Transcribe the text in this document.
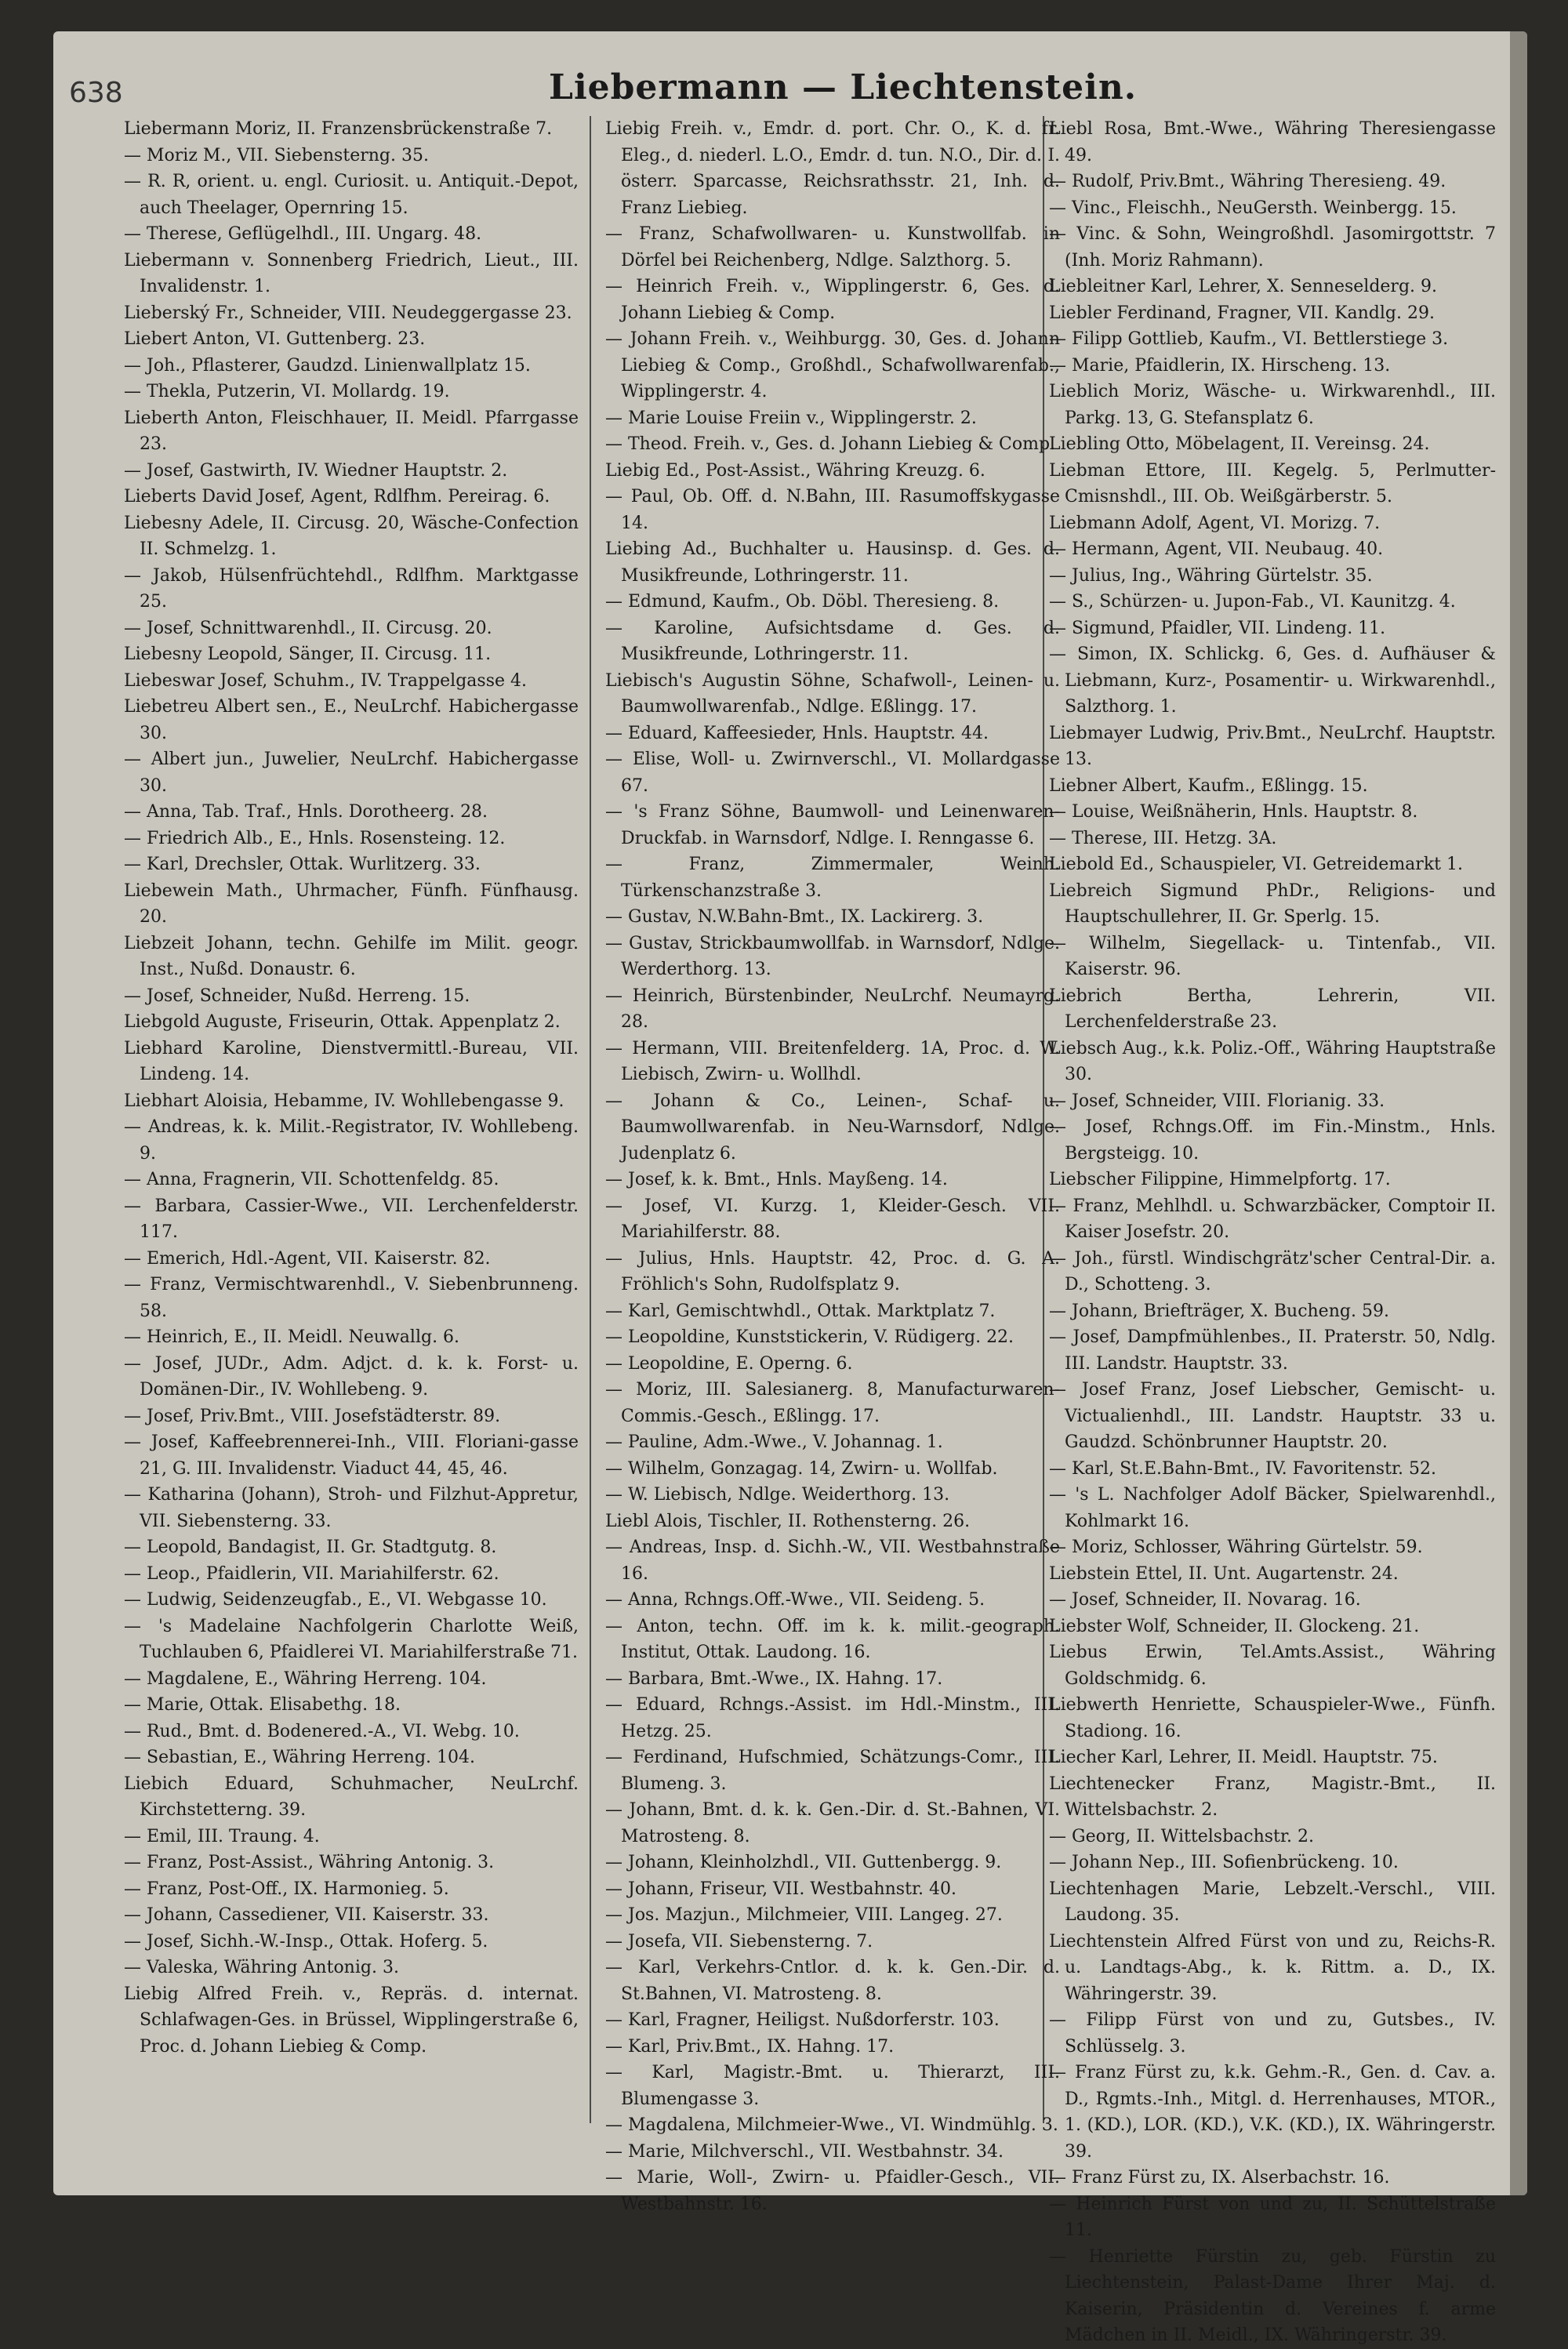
638	Liebermann — Liechtenstein.

Liebermann Moriz, II. Franzensbrückenstraße 7.

— Moriz M., VII. Siebensterng. 35.

— R. R, orient. u. engl. Curiosit. u. Antiquit.-Depot, auch Theelager, Opernring 15.

— Therese, Geflügelhdl., III. Ungarg. 48.

Liebermann v. Sonnenberg Friedrich, Lieut., III. Invalidenstr. 1.

Lieberský Fr., Schneider, VIII. Neudeggergasse 23.

Liebert Anton, VI. Guttenberg. 23.

— Joh., Pflasterer, Gaudzd. Linienwallplatz 15.

— Thekla, Putzerin, VI. Mollardg. 19.

Lieberth Anton, Fleischhauer, II. Meidl. Pfarrgasse 23.

— Josef, Gastwirth, IV. Wiedner Hauptstr. 2.

Lieberts David Josef, Agent, Rdlfhm. Pereirag. 6.

Liebesny Adele, II. Circusg. 20, Wäsche-Confection II. Schmelzg. 1.

— Jakob, Hülsenfrüchtehdl., Rdlfhm. Marktgasse 25.

— Josef, Schnittwarenhdl., II. Circusg. 20.

Liebesny Leopold, Sänger, II. Circusg. 11.

Liebeswar Josef, Schuhm., IV. Trappelgasse 4.

Liebetreu Albert sen., E., NeuLrchf. Habichergasse 30.

— Albert jun., Juwelier, NeuLrchf. Habichergasse 30.

— Anna, Tab. Traf., Hnls. Dorotheerg. 28.

— Friedrich Alb., E., Hnls. Rosensteing. 12.

— Karl, Drechsler, Ottak. Wurlitzerg. 33.

Liebewein Math., Uhrmacher, Fünfh. Fünfhausg. 20.

Liebzeit Johann, techn. Gehilfe im Milit. geogr. Inst., Nußd. Donaustr. 6.

— Josef, Schneider, Nußd. Herreng. 15.

Liebgold Auguste, Friseurin, Ottak. Appenplatz 2.

Liebhard Karoline, Dienstvermittl.-Bureau, VII. Lindeng. 14.

Liebhart Aloisia, Hebamme, IV. Wohllebengasse 9.

— Andreas, k. k. Milit.-Registrator, IV. Wohllebeng. 9.

— Anna, Fragnerin, VII. Schottenfeldg. 85.

— Barbara, Cassier-Wwe., VII. Lerchenfelderstr. 117.

— Emerich, Hdl.-Agent, VII. Kaiserstr. 82.

— Franz, Vermischtwarenhdl., V. Siebenbrunneng. 58.

— Heinrich, E., II. Meidl. Neuwallg. 6.

— Josef, JUDr., Adm. Adjct. d. k. k. Forst- u. Domänen-Dir., IV. Wohllebeng. 9.

— Josef, Priv.Bmt., VIII. Josefstädterstr. 89.

— Josef, Kaffeebrennerei-Inh., VIII. Floriani-gasse 21, G. III. Invalidenstr. Viaduct 44, 45, 46.

— Katharina (Johann), Stroh- und Filzhut-Appretur, VII. Siebensterng. 33.

— Leopold, Bandagist, II. Gr. Stadtgutg. 8.

— Leop., Pfaidlerin, VII. Mariahilferstr. 62.

— Ludwig, Seidenzeugfab., E., VI. Webgasse 10.

— 's Madelaine Nachfolgerin Charlotte Weiß, Tuchlauben 6, Pfaidlerei VI. Mariahilferstraße 71.

— Magdalene, E., Währing Herreng. 104.

— Marie, Ottak. Elisabethg. 18.

— Rud., Bmt. d. Bodenered.-A., VI. Webg. 10.

— Sebastian, E., Währing Herreng. 104.

Liebich Eduard, Schuhmacher, NeuLrchf. Kirchstetterng. 39.

— Emil, III. Traung. 4.

— Franz, Post-Assist., Währing Antonig. 3.

— Franz, Post-Off., IX. Harmonieg. 5.

— Johann, Cassediener, VII. Kaiserstr. 33.

— Josef, Sichh.-W.-Insp., Ottak. Hoferg. 5.

— Valeska, Währing Antonig. 3.

Liebig Alfred Freih. v., Repräs. d. internat. Schlafwagen-Ges. in Brüssel, Wipplingerstraße 6, Proc. d. Johann Liebieg & Comp.

Liebig Freih. v., Emdr. d. port. Chr. O., K. d. fr. Eleg., d. niederl. L.O., Emdr. d. tun. N.O., Dir. d. I. österr. Sparcasse, Reichsrathsstr. 21, Inh. d. Franz Liebieg.

— Franz, Schafwollwaren- u. Kunstwollfab. in Dörfel bei Reichenberg, Ndlge. Salzthorg. 5.

— Heinrich Freih. v., Wipplingerstr. 6, Ges. d. Johann Liebieg & Comp.

— Johann Freih. v., Weihburgg. 30, Ges. d. Johann Liebieg & Comp., Großhdl., Schafwollwarenfab., Wipplingerstr. 4.

— Marie Louise Freiin v., Wipplingerstr. 2.

— Theod. Freih. v., Ges. d. Johann Liebieg & Comp.

Liebig Ed., Post-Assist., Währing Kreuzg. 6.

— Paul, Ob. Off. d. N.Bahn, III. Rasumoffskygasse 14.

Liebing Ad., Buchhalter u. Hausinsp. d. Ges. d. Musikfreunde, Lothringerstr. 11.

— Edmund, Kaufm., Ob. Döbl. Theresieng. 8.

— Karoline, Aufsichtsdame d. Ges. d. Musikfreunde, Lothringerstr. 11.

Liebisch's Augustin Söhne, Schafwoll-, Leinen- u. Baumwollwarenfab., Ndlge. Eßlingg. 17.

— Eduard, Kaffeesieder, Hnls. Hauptstr. 44.

— Elise, Woll- u. Zwirnverschl., VI. Mollardgasse 67.

— 's Franz Söhne, Baumwoll- und Leinenwaren-Druckfab. in Warnsdorf, Ndlge. I. Renngasse 6.

— Franz, Zimmermaler, Weinh. Türkenschanzstraße 3.

— Gustav, N.W.Bahn-Bmt., IX. Lackirerg. 3.

— Gustav, Strickbaumwollfab. in Warnsdorf, Ndlge. Werderthorg. 13.

— Heinrich, Bürstenbinder, NeuLrchf. Neumayrg. 28.

— Hermann, VIII. Breitenfelderg. 1A, Proc. d. W. Liebisch, Zwirn- u. Wollhdl.

— Johann & Co., Leinen-, Schaf- u. Baumwollwarenfab. in Neu-Warnsdorf, Ndlge. Judenplatz 6.

— Josef, k. k. Bmt., Hnls. Mayßeng. 14.

— Josef, VI. Kurzg. 1, Kleider-Gesch. VII. Mariahilferstr. 88.

— Julius, Hnls. Hauptstr. 42, Proc. d. G. A. Fröhlich's Sohn, Rudolfsplatz 9.

— Karl, Gemischtwhdl., Ottak. Marktplatz 7.

— Leopoldine, Kunststickerin, V. Rüdigerg. 22.

— Leopoldine, E. Operng. 6.

— Moriz, III. Salesianerg. 8, Manufacturwaren-Commis.-Gesch., Eßlingg. 17.

— Pauline, Adm.-Wwe., V. Johannag. 1.

— Wilhelm, Gonzagag. 14, Zwirn- u. Wollfab.

— W. Liebisch, Ndlge. Weiderthorg. 13.

Liebl Alois, Tischler, II. Rothensterng. 26.

— Andreas, Insp. d. Sichh.-W., VII. Westbahnstraße 16.

— Anna, Rchngs.Off.-Wwe., VII. Seideng. 5.

— Anton, techn. Off. im k. k. milit.-geograph. Institut, Ottak. Laudong. 16.

— Barbara, Bmt.-Wwe., IX. Hahng. 17.

— Eduard, Rchngs.-Assist. im Hdl.-Minstm., III. Hetzg. 25.

— Ferdinand, Hufschmied, Schätzungs-Comr., III. Blumeng. 3.

— Johann, Bmt. d. k. k. Gen.-Dir. d. St.-Bahnen, VI. Matrosteng. 8.

— Johann, Kleinholzhdl., VII. Guttenbergg. 9.

— Johann, Friseur, VII. Westbahnstr. 40.

— Jos. Mazjun., Milchmeier, VIII. Langeg. 27.

— Josefa, VII. Siebensterng. 7.

— Karl, Verkehrs-Cntlor. d. k. k. Gen.-Dir. d. St.Bahnen, VI. Matrosteng. 8.

— Karl, Fragner, Heiligst. Nußdorferstr. 103.

— Karl, Priv.Bmt., IX. Hahng. 17.

— Karl, Magistr.-Bmt. u. Thierarzt, III. Blumengasse 3.

— Magdalena, Milchmeier-Wwe., VI. Windmühlg. 3.

— Marie, Milchverschl., VII. Westbahnstr. 34.

— Marie, Woll-, Zwirn- u. Pfaidler-Gesch., VII. Westbahnstr. 16.

Liebl Rosa, Bmt.-Wwe., Währing Theresiengasse 49.

— Rudolf, Priv.Bmt., Währing Theresieng. 49.

— Vinc., Fleischh., NeuGersth. Weinbergg. 15.

— Vinc. & Sohn, Weingroßhdl. Jasomirgottstr. 7 (Inh. Moriz Rahmann).

Liebleitner Karl, Lehrer, X. Senneselderg. 9.

Liebler Ferdinand, Fragner, VII. Kandlg. 29.

— Filipp Gottlieb, Kaufm., VI. Bettlerstiege 3.

— Marie, Pfaidlerin, IX. Hirscheng. 13.

Lieblich Moriz, Wäsche- u. Wirkwarenhdl., III. Parkg. 13, G. Stefansplatz 6.

Liebling Otto, Möbelagent, II. Vereinsg. 24.

Liebman Ettore, III. Kegelg. 5, Perlmutter-Cmisnshdl., III. Ob. Weißgärberstr. 5.

Liebmann Adolf, Agent, VI. Morizg. 7.

— Hermann, Agent, VII. Neubaug. 40.

— Julius, Ing., Währing Gürtelstr. 35.

— S., Schürzen- u. Jupon-Fab., VI. Kaunitzg. 4.

— Sigmund, Pfaidler, VII. Lindeng. 11.

— Simon, IX. Schlickg. 6, Ges. d. Aufhäuser & Liebmann, Kurz-, Posamentir- u. Wirkwarenhdl., Salzthorg. 1.

Liebmayer Ludwig, Priv.Bmt., NeuLrchf. Hauptstr. 13.

Liebner Albert, Kaufm., Eßlingg. 15.

— Louise, Weißnäherin, Hnls. Hauptstr. 8.

— Therese, III. Hetzg. 3A.

Liebold Ed., Schauspieler, VI. Getreidemarkt 1.

Liebreich Sigmund PhDr., Religions- und Hauptschullehrer, II. Gr. Sperlg. 15.

— Wilhelm, Siegellack- u. Tintenfab., VII. Kaiserstr. 96.

Liebrich Bertha, Lehrerin, VII. Lerchenfelderstraße 23.

Liebsch Aug., k.k. Poliz.-Off., Währing Hauptstraße 30.

— Josef, Schneider, VIII. Florianig. 33.

— Josef, Rchngs.Off. im Fin.-Minstm., Hnls. Bergsteigg. 10.

Liebscher Filippine, Himmelpfortg. 17.

— Franz, Mehlhdl. u. Schwarzbäcker, Comptoir II. Kaiser Josefstr. 20.

— Joh., fürstl. Windischgrätz'scher Central-Dir. a. D., Schotteng. 3.

— Johann, Briefträger, X. Bucheng. 59.

— Josef, Dampfmühlenbes., II. Praterstr. 50, Ndlg. III. Landstr. Hauptstr. 33.

— Josef Franz, Josef Liebscher, Gemischt- u. Victualienhdl., III. Landstr. Hauptstr. 33 u. Gaudzd. Schönbrunner Hauptstr. 20.

— Karl, St.E.Bahn-Bmt., IV. Favoritenstr. 52.

— 's L. Nachfolger Adolf Bäcker, Spielwarenhdl., Kohlmarkt 16.

— Moriz, Schlosser, Währing Gürtelstr. 59.

Liebstein Ettel, II. Unt. Augartenstr. 24.

— Josef, Schneider, II. Novarag. 16.

Liebster Wolf, Schneider, II. Glockeng. 21.

Liebus Erwin, Tel.Amts.Assist., Währing Goldschmidg. 6.

Liebwerth Henriette, Schauspieler-Wwe., Fünfh. Stadiong. 16.

Liecher Karl, Lehrer, II. Meidl. Hauptstr. 75.

Liechtenecker Franz, Magistr.-Bmt., II. Wittelsbachstr. 2.

— Georg, II. Wittelsbachstr. 2.

— Johann Nep., III. Sofienbrückeng. 10.

Liechtenhagen Marie, Lebzelt.-Verschl., VIII. Laudong. 35.

Liechtenstein Alfred Fürst von und zu, Reichs-R. u. Landtags-Abg., k. k. Rittm. a. D., IX. Währingerstr. 39.

— Filipp Fürst von und zu, Gutsbes., IV. Schlüsselg. 3.

— Franz Fürst zu, k.k. Gehm.-R., Gen. d. Cav. a. D., Rgmts.-Inh., Mitgl. d. Herrenhauses, MTOR., 1. (KD.), LOR. (KD.), V.K. (KD.), IX. Währingerstr. 39.

— Franz Fürst zu, IX. Alserbachstr. 16.

— Heinrich Fürst von und zu, II. Schüttelstraße 11.

— Henriette Fürstin zu, geb. Fürstin zu Liechtenstein, Palast-Dame Ihrer Maj. d. Kaiserin, Präsidentin d. Vereines f. arme Mädchen in II. Meidl., IX. Währingerstr. 39.
